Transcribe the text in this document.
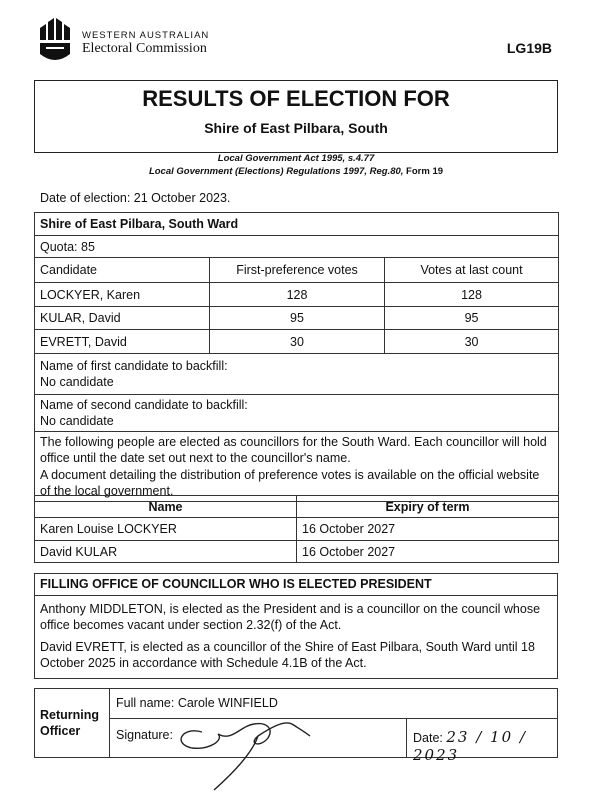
WESTERN AUSTRALIAN
Electoral Commission	LG19B
RESULTS OF ELECTION FOR
Shire of East Pilbara, South
Local Government Act 1995, s.4.77
Local Government (Elections) Regulations 1997, Reg.80, Form 19
Date of election: 21 October 2023.
Shire of East Pilbara, South Ward		
Quota: 85		
Candidate	First-preference votes	Votes at last count
LOCKYER, Karen	128	128
KULAR, David	95	95
EVRETT, David	30	30

Name of first candidate to backfill:
No candidate		

Name of second candidate to backfill:
No candidate		

The following people are elected as councillors for the South Ward. Each councillor will hold office until the date set out next to the councillor's name.
A document detailing the distribution of preference votes is available on the official website of the local government.		
Name	Expiry of term
Karen Louise LOCKYER	16 October 2027
David KULAR	16 October 2027
FILLING OFFICE OF COUNCILLOR WHO IS ELECTED PRESIDENT

Anthony MIDDLETON, is elected as the President and is a councillor on the council whose office becomes vacant under section 2.32(f) of the Act.

David EVRETT, is elected as a councillor of the Shire of East Pilbara, South Ward until 18 October 2025 in accordance with Schedule 4.1B of the Act.

Returning Officer
Full name: Carole WINFIELD
Signature:	Date: 23 / 10 / 2023
